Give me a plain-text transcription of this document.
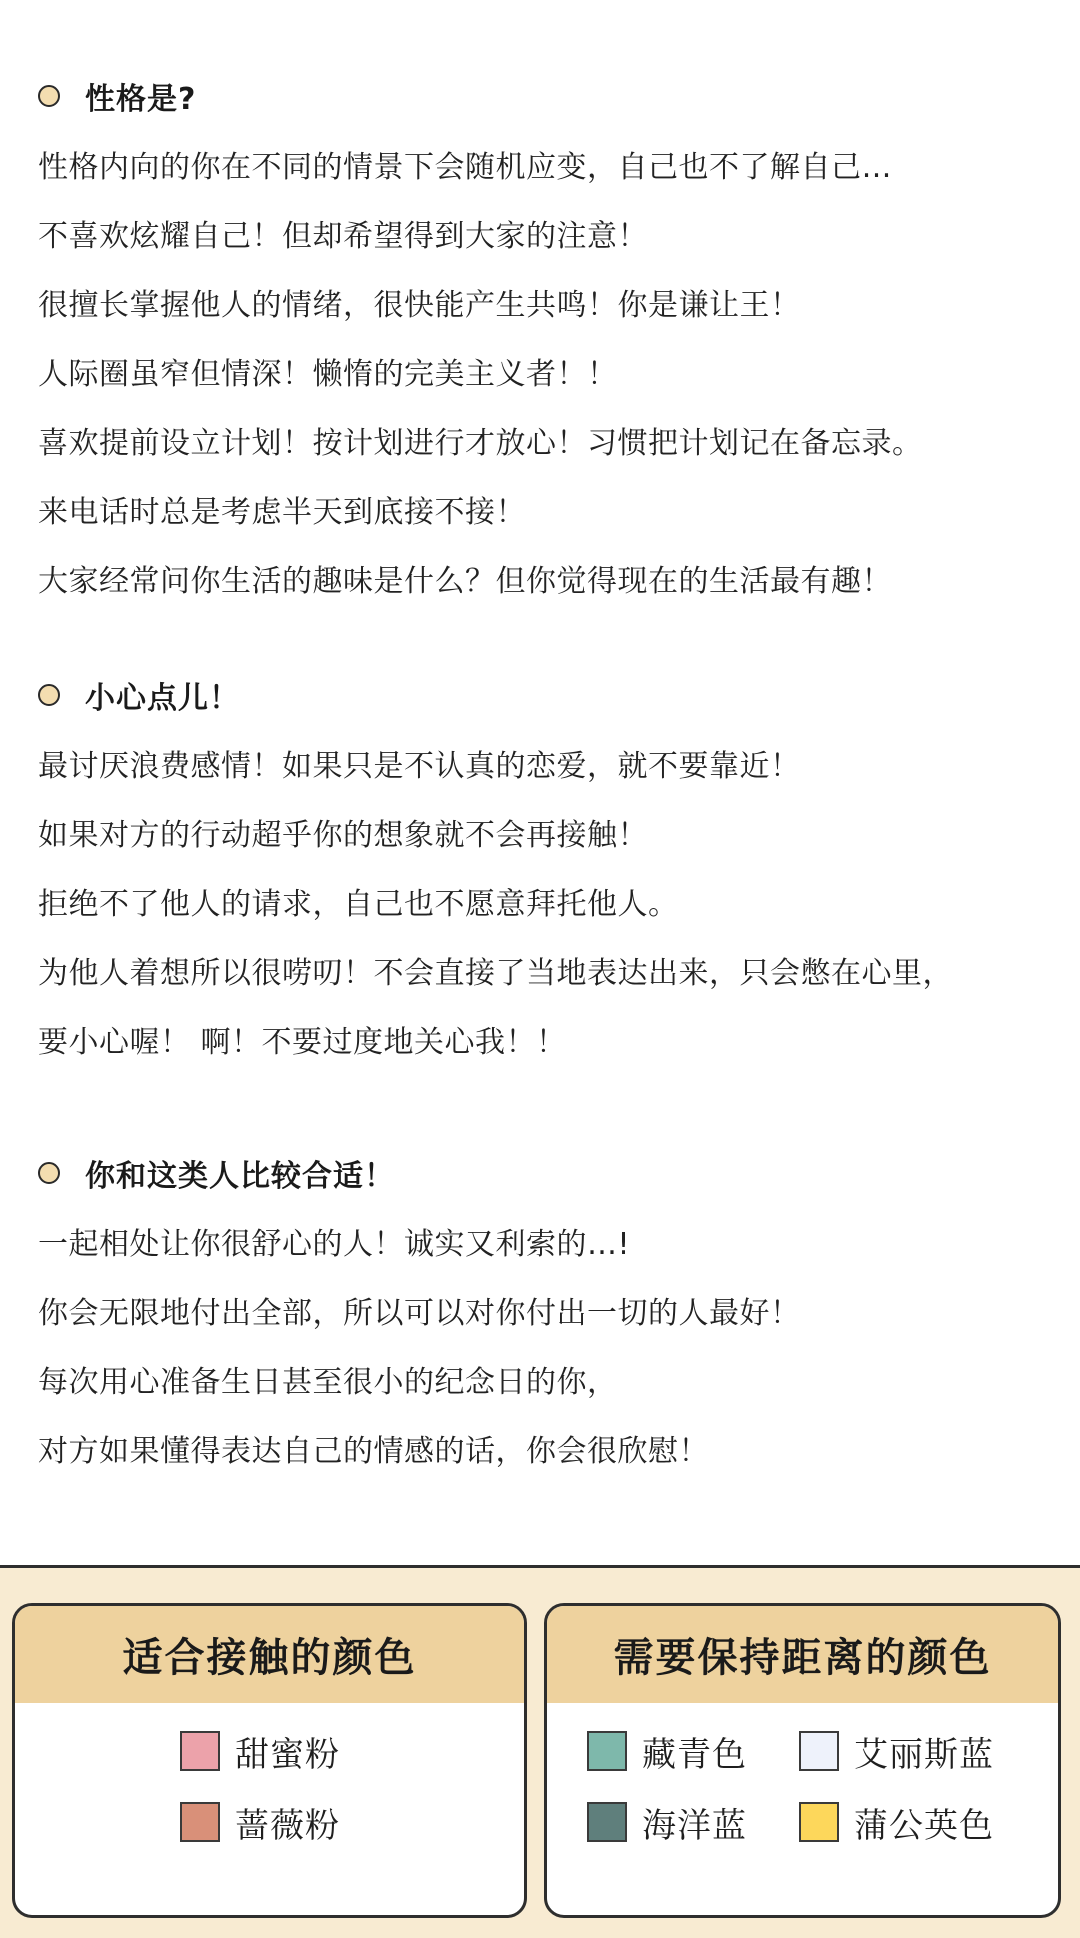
性格是?
性格内向的你在不同的情景下会随机应变，自己也不了解自己…
不喜欢炫耀自己！但却希望得到大家的注意！
很擅长掌握他人的情绪，很快能产生共鸣！你是谦让王！
人际圈虽窄但情深！懒惰的完美主义者！！
喜欢提前设立计划！按计划进行才放心！习惯把计划记在备忘录。
来电话时总是考虑半天到底接不接！
大家经常问你生活的趣味是什么？但你觉得现在的生活最有趣！
小心点儿！
最讨厌浪费感情！如果只是不认真的恋爱，就不要靠近！
如果对方的行动超乎你的想象就不会再接触！
拒绝不了他人的请求，自己也不愿意拜托他人。
为他人着想所以很唠叨！不会直接了当地表达出来，只会憋在心里，
要小心喔！ 啊！不要过度地关心我！！
你和这类人比较合适！
一起相处让你很舒心的人！诚实又利索的…!
你会无限地付出全部，所以可以对你付出一切的人最好！
每次用心准备生日甚至很小的纪念日的你，
对方如果懂得表达自己的情感的话，你会很欣慰！
适合接触的颜色
甜蜜粉
蔷薇粉
需要保持距离的颜色
藏青色	艾丽斯蓝
海洋蓝	蒲公英色
